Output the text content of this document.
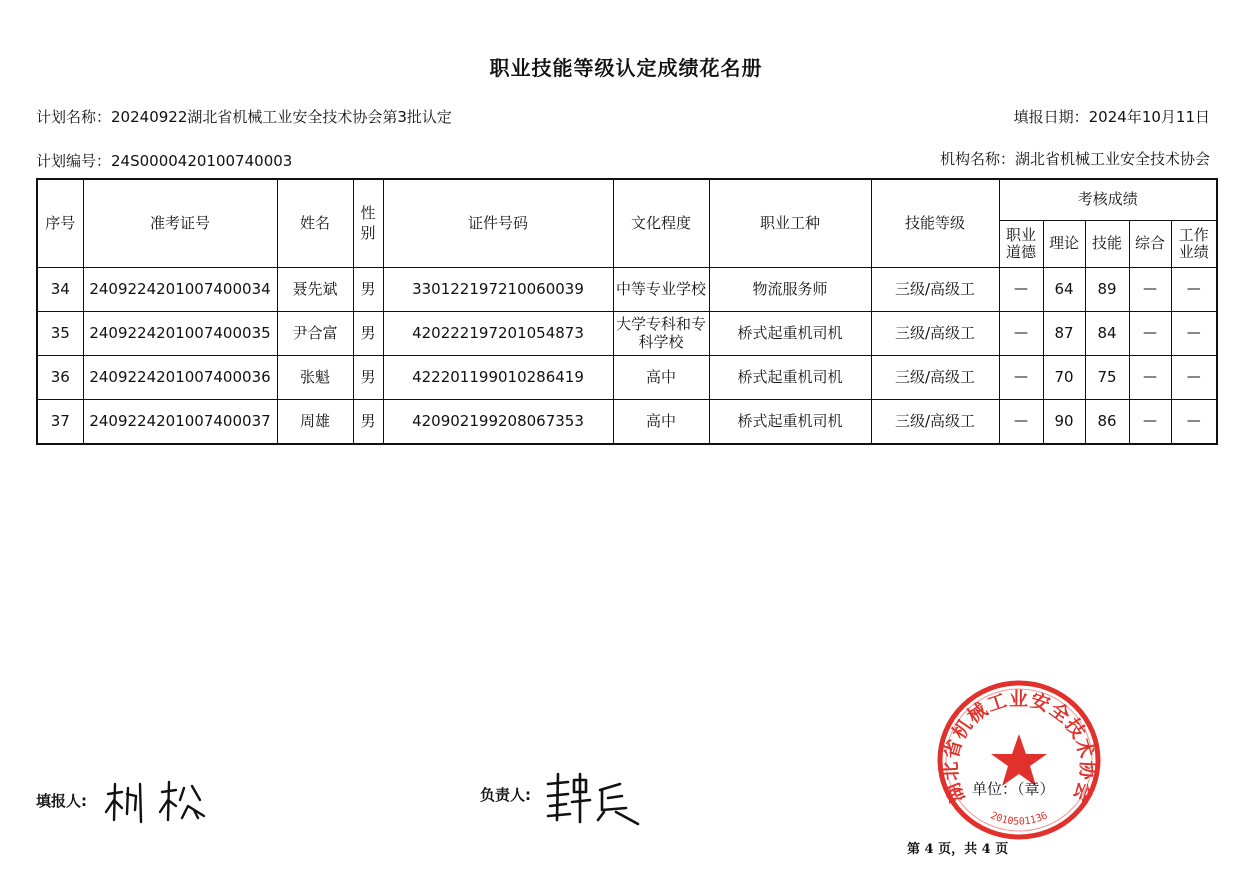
职业技能等级认定成绩花名册
计划名称：20240922湖北省机械工业安全技术协会第3批认定	填报日期：2024年10月11日
计划编号：24S0000420100740003	机构名称：湖北省机械工业安全技术协会
序号	准考证号	姓名	性别	证件号码	文化程度	职业工种	技能等级	考核成绩				
								职业道德	理论	技能	综合	工作业绩
34	2409224201007400034	聂先斌	男	330122197210060039	中等专业学校	物流服务师	三级/高级工	—	64	89	—	—
35	2409224201007400035	尹合富	男	420222197201054873	大学专科和专科学校	桥式起重机司机	三级/高级工	—	87	84	—	—
36	2409224201007400036	张魁	男	422201199010286419	高中	桥式起重机司机	三级/高级工	—	70	75	—	—
37	2409224201007400037	周雄	男	420902199208067353	高中	桥式起重机司机	三级/高级工	—	90	86	—	—
填报人:	负责人:	湖北省机械工业安全技术协会
2010501136
单位：（章）
第 4 页，共 4 页
